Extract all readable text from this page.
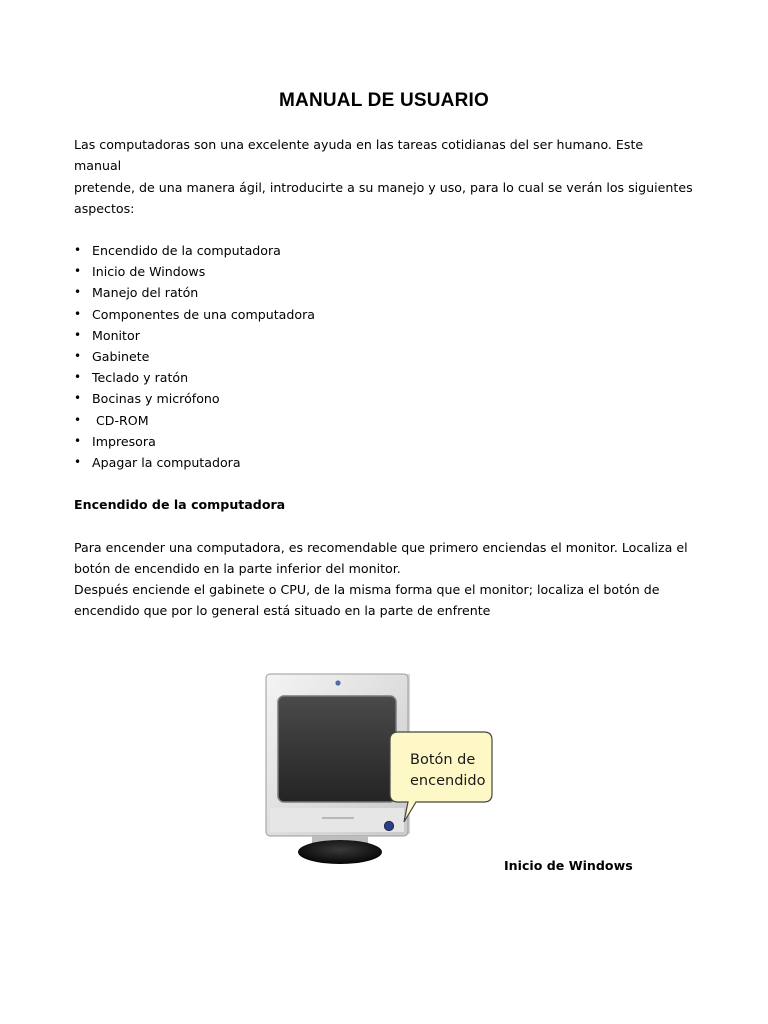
MANUAL DE USUARIO

Las computadoras son una excelente ayuda en las tareas cotidianas del ser humano. Este manual
pretende, de una manera ágil, introducirte a su manejo y uso, para lo cual se verán los siguientes
aspectos:

• Encendido de la computadora
• Inicio de Windows
• Manejo del ratón
• Componentes de una computadora
• Monitor
• Gabinete
• Teclado y ratón
• Bocinas y micrófono
• CD-ROM
• Impresora
• Apagar la computadora

Encendido de la computadora

Para encender una computadora, es recomendable que primero enciendas el monitor. Localiza el
botón de encendido en la parte inferior del monitor.

Después enciende el gabinete o CPU, de la misma forma que el monitor; localiza el botón de
encendido que por lo general está situado en la parte de enfrente

Botón de
encendido

Inicio de Windows
